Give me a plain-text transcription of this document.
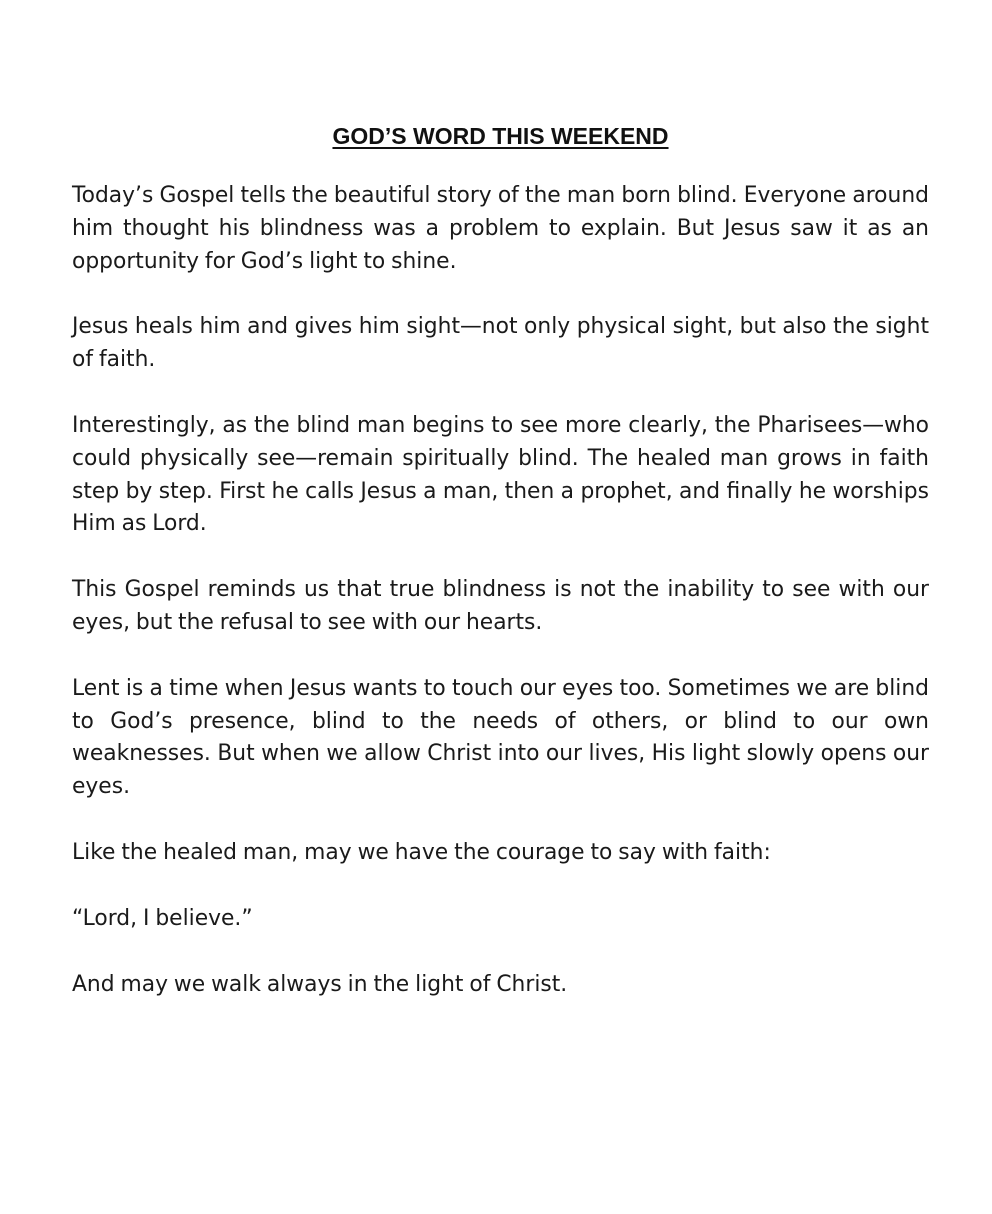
GOD’S WORD THIS WEEKEND

Today’s Gospel tells the beautiful story of the man born blind. Everyone around him thought his blindness was a problem to explain. But Jesus saw it as an opportunity for God’s light to shine.

Jesus heals him and gives him sight—not only physical sight, but also the sight of faith.

Interestingly, as the blind man begins to see more clearly, the Pharisees—who could physically see—remain spiritually blind. The healed man grows in faith step by step. First he calls Jesus a man, then a prophet, and finally he worships Him as Lord.

This Gospel reminds us that true blindness is not the inability to see with our eyes, but the refusal to see with our hearts.

Lent is a time when Jesus wants to touch our eyes too. Sometimes we are blind to God’s presence, blind to the needs of others, or blind to our own weaknesses. But when we allow Christ into our lives, His light slowly opens our eyes.

Like the healed man, may we have the courage to say with faith:

“Lord, I believe.”

And may we walk always in the light of Christ.
